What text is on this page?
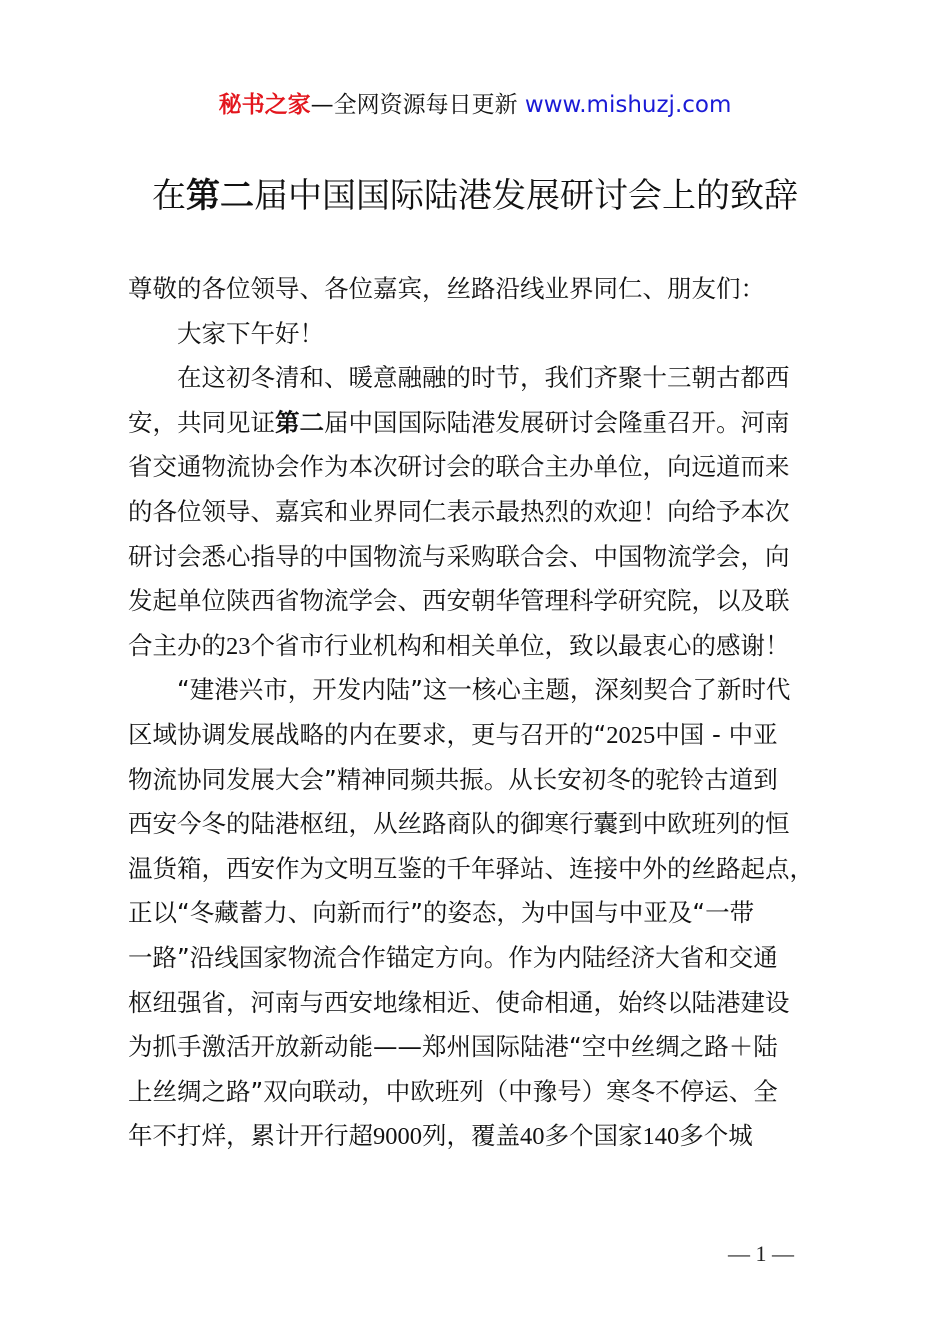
秘书之家—全网资源每日更新 www.mishuzj.com
在第二届中国国际陆港发展研讨会上的致辞
尊敬的各位领导、各位嘉宾，丝路沿线业界同仁、朋友们：
大家下午好！
在这初冬清和、暖意融融的时节，我们齐聚十三朝古都西
安，共同见证第二届中国国际陆港发展研讨会隆重召开。河南
省交通物流协会作为本次研讨会的联合主办单位，向远道而来
的各位领导、嘉宾和业界同仁表示最热烈的欢迎！向给予本次
研讨会悉心指导的中国物流与采购联合会、中国物流学会，向
发起单位陕西省物流学会、西安朝华管理科学研究院，以及联
合主办的23个省市行业机构和相关单位，致以最衷心的感谢！
“建港兴市，开发内陆”这一核心主题，深刻契合了新时代
区域协调发展战略的内在要求，更与召开的“2025中国 - 中亚
物流协同发展大会”精神同频共振。从长安初冬的驼铃古道到
西安今冬的陆港枢纽，从丝路商队的御寒行囊到中欧班列的恒
温货箱，西安作为文明互鉴的千年驿站、连接中外的丝路起点，
正以“冬藏蓄力、向新而行”的姿态，为中国与中亚及“一带
一路”沿线国家物流合作锚定方向。作为内陆经济大省和交通
枢纽强省，河南与西安地缘相近、使命相通，始终以陆港建设
为抓手激活开放新动能——郑州国际陆港“空中丝绸之路＋陆
上丝绸之路”双向联动，中欧班列（中豫号）寒冬不停运、全
年不打烊，累计开行超9000列，覆盖40多个国家140多个城
— 1 —
